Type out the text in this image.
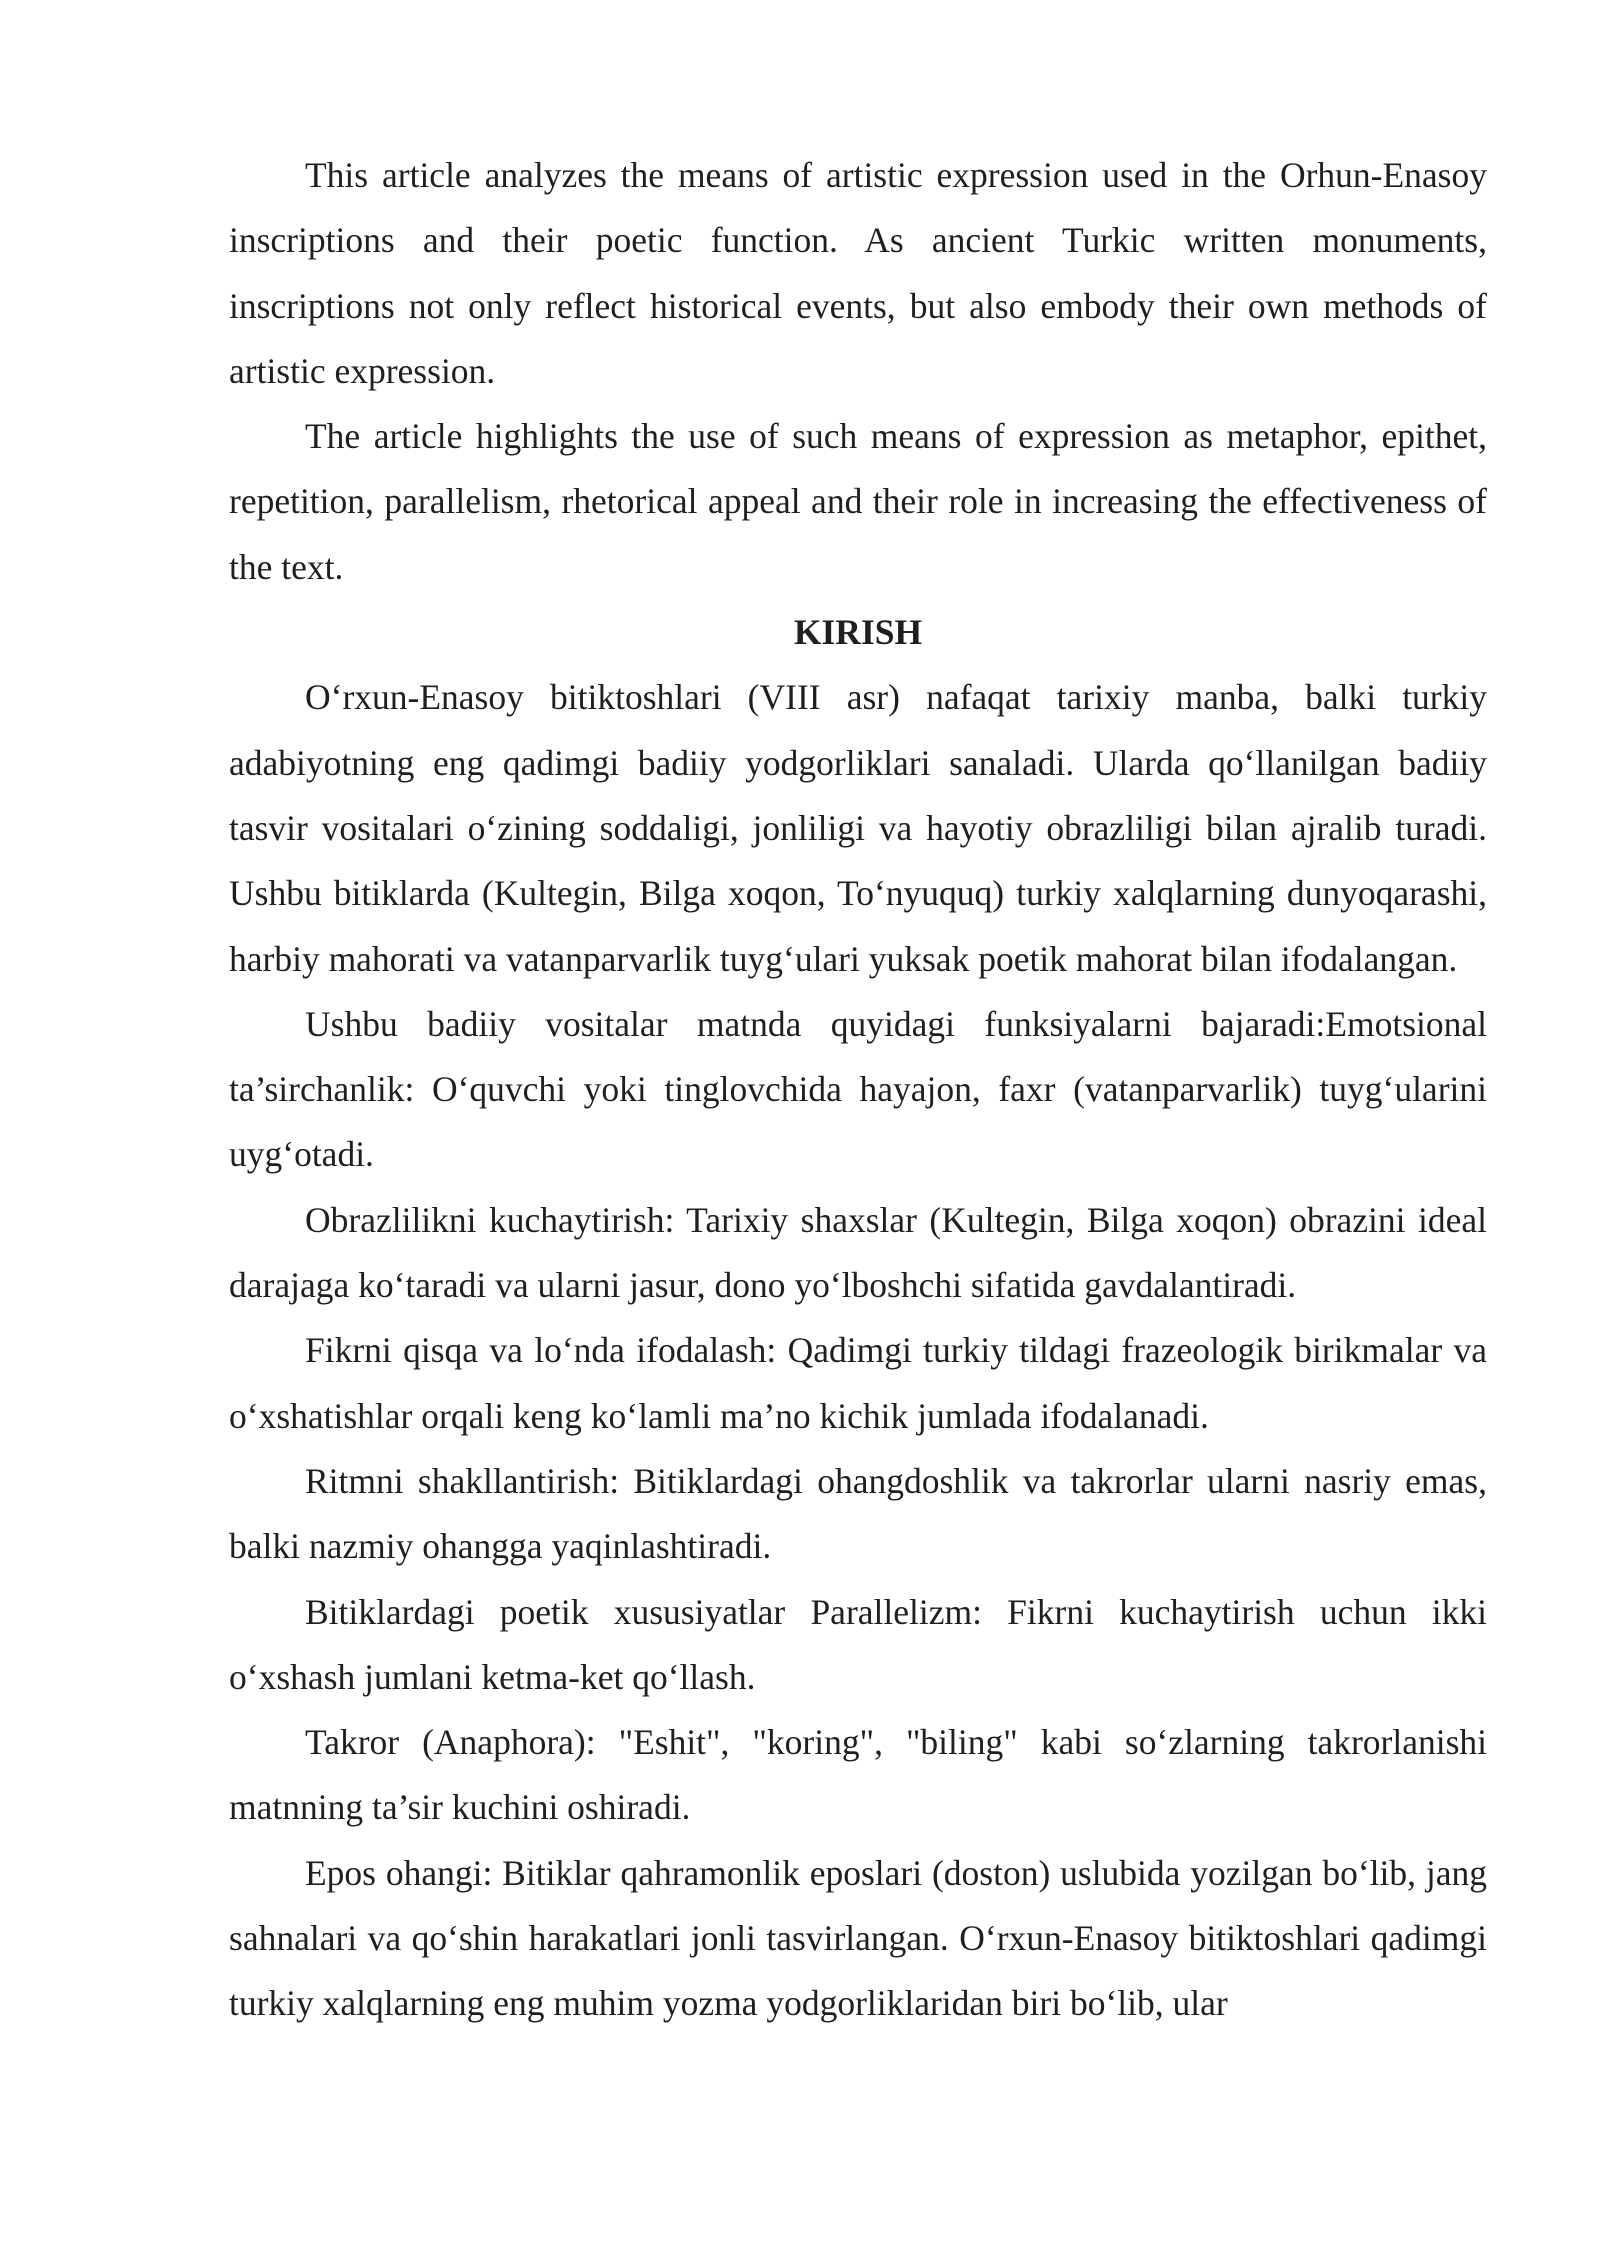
This article analyzes the means of artistic expression used in the Orhun-Enasoy inscriptions and their poetic function. As ancient Turkic written monuments, inscriptions not only reflect historical events, but also embody their own methods of artistic expression.

The article highlights the use of such means of expression as metaphor, epithet, repetition, parallelism, rhetorical appeal and their role in increasing the effectiveness of the text.

KIRISH

O‘rxun-Enasoy bitiktoshlari (VIII asr) nafaqat tarixiy manba, balki turkiy adabiyotning eng qadimgi badiiy yodgorliklari sanaladi. Ularda qo‘llanilgan badiiy tasvir vositalari o‘zining soddaligi, jonliligi va hayotiy obrazliligi bilan ajralib turadi. Ushbu bitiklarda (Kultegin, Bilga xoqon, To‘nyuquq) turkiy xalqlarning dunyoqarashi, harbiy mahorati va vatanparvarlik tuyg‘ulari yuksak poetik mahorat bilan ifodalangan.

Ushbu badiiy vositalar matnda quyidagi funksiyalarni bajaradi:Emotsional ta’sirchanlik: O‘quvchi yoki tinglovchida hayajon, faxr (vatanparvarlik) tuyg‘ularini uyg‘otadi.

Obrazlilikni kuchaytirish: Tarixiy shaxslar (Kultegin, Bilga xoqon) obrazini ideal darajaga ko‘taradi va ularni jasur, dono yo‘lboshchi sifatida gavdalantiradi.

Fikrni qisqa va lo‘nda ifodalash: Qadimgi turkiy tildagi frazeologik birikmalar va o‘xshatishlar orqali keng ko‘lamli ma’no kichik jumlada ifodalanadi.

Ritmni shakllantirish: Bitiklardagi ohangdoshlik va takrorlar ularni nasriy emas, balki nazmiy ohangga yaqinlashtiradi.

Bitiklardagi poetik xususiyatlar Parallelizm: Fikrni kuchaytirish uchun ikki o‘xshash jumlani ketma-ket qo‘llash.

Takror (Anaphora): "Eshit", "koring", "biling" kabi so‘zlarning takrorlanishi matnning ta’sir kuchini oshiradi.

Epos ohangi: Bitiklar qahramonlik eposlari (doston) uslubida yozilgan bo‘lib, jang sahnalari va qo‘shin harakatlari jonli tasvirlangan. O‘rxun-Enasoy bitiktoshlari qadimgi turkiy xalqlarning eng muhim yozma yodgorliklaridan biri bo‘lib, ular
